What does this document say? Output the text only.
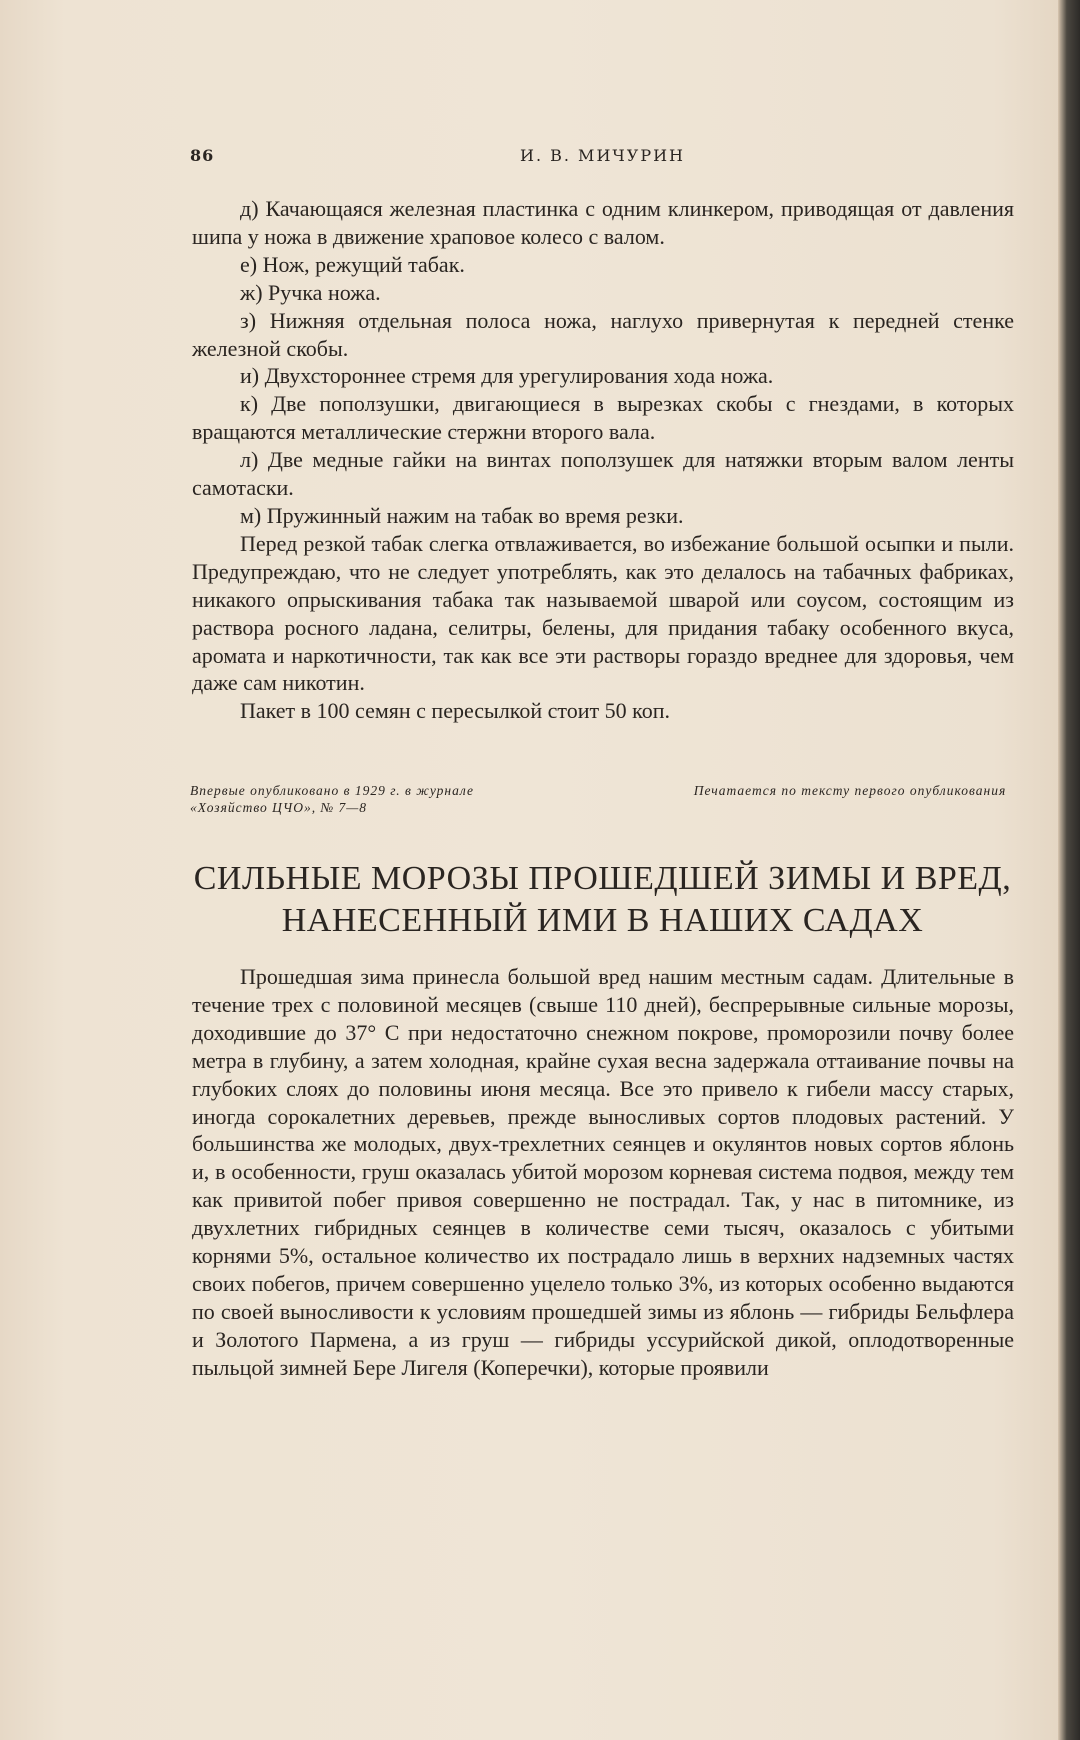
86	И. В. МИЧУРИН

д) Качающаяся железная пластинка с одним клинкером, приводящая от давления шипа у ножа в движение храповое колесо с валом.

е) Нож, режущий табак.

ж) Ручка ножа.

з) Нижняя отдельная полоса ножа, наглухо привернутая к передней стенке железной скобы.

и) Двухстороннее стремя для урегулирования хода ножа.

к) Две поползушки, двигающиеся в вырезках скобы с гнездами, в которых вращаются металлические стержни второго вала.

л) Две медные гайки на винтах поползушек для натяжки вторым валом ленты самотаски.

м) Пружинный нажим на табак во время резки.

Перед резкой табак слегка отвлаживается, во избежание большой осыпки и пыли. Предупреждаю, что не следует употреблять, как это делалось на табачных фабриках, никакого опрыскивания табака так называемой шварой или соусом, состоящим из раствора росного ладана, селитры, белены, для придания табаку особенного вкуса, аромата и наркотичности, так как все эти растворы гораздо вреднее для здоровья, чем даже сам никотин.

Пакет в 100 семян с пересылкой стоит 50 коп.

Впервые опубликовано в 1929 г. в журнале «Хозяйство ЦЧО», № 7—8
Печатается по тексту первого опубликования
СИЛЬНЫЕ МОРОЗЫ ПРОШЕДШЕЙ ЗИМЫ И ВРЕД,
НАНЕСЕННЫЙ ИМИ В НАШИХ САДАХ

Прошедшая зима принесла большой вред нашим местным садам. Длительные в течение трех с половиной месяцев (свыше 110 дней), беспрерывные сильные морозы, доходившие до 37° С при недостаточно снежном покрове, проморозили почву более метра в глубину, а затем холодная, крайне сухая весна задержала оттаивание почвы на глубоких слоях до половины июня месяца. Все это привело к гибели массу старых, иногда сорокалетних деревьев, прежде выносливых сортов плодовых растений. У большинства же молодых, двух-трехлетних сеянцев и окулянтов новых сортов яблонь и, в особенности, груш оказалась убитой морозом корневая система подвоя, между тем как привитой побег привоя совершенно не пострадал. Так, у нас в питомнике, из двухлетних гибридных сеянцев в количестве семи тысяч, оказалось с убитыми корнями 5%, остальное количество их пострадало лишь в верхних надземных частях своих побегов, причем совершенно уцелело только 3%, из которых особенно выдаются по своей выносливости к условиям прошедшей зимы из яблонь — гибриды Бельфлера и Золотого Пармена, а из груш — гибриды уссурийской дикой, оплодотворенные пыльцой зимней Бере Лигеля (Коперечки), которые проявили
